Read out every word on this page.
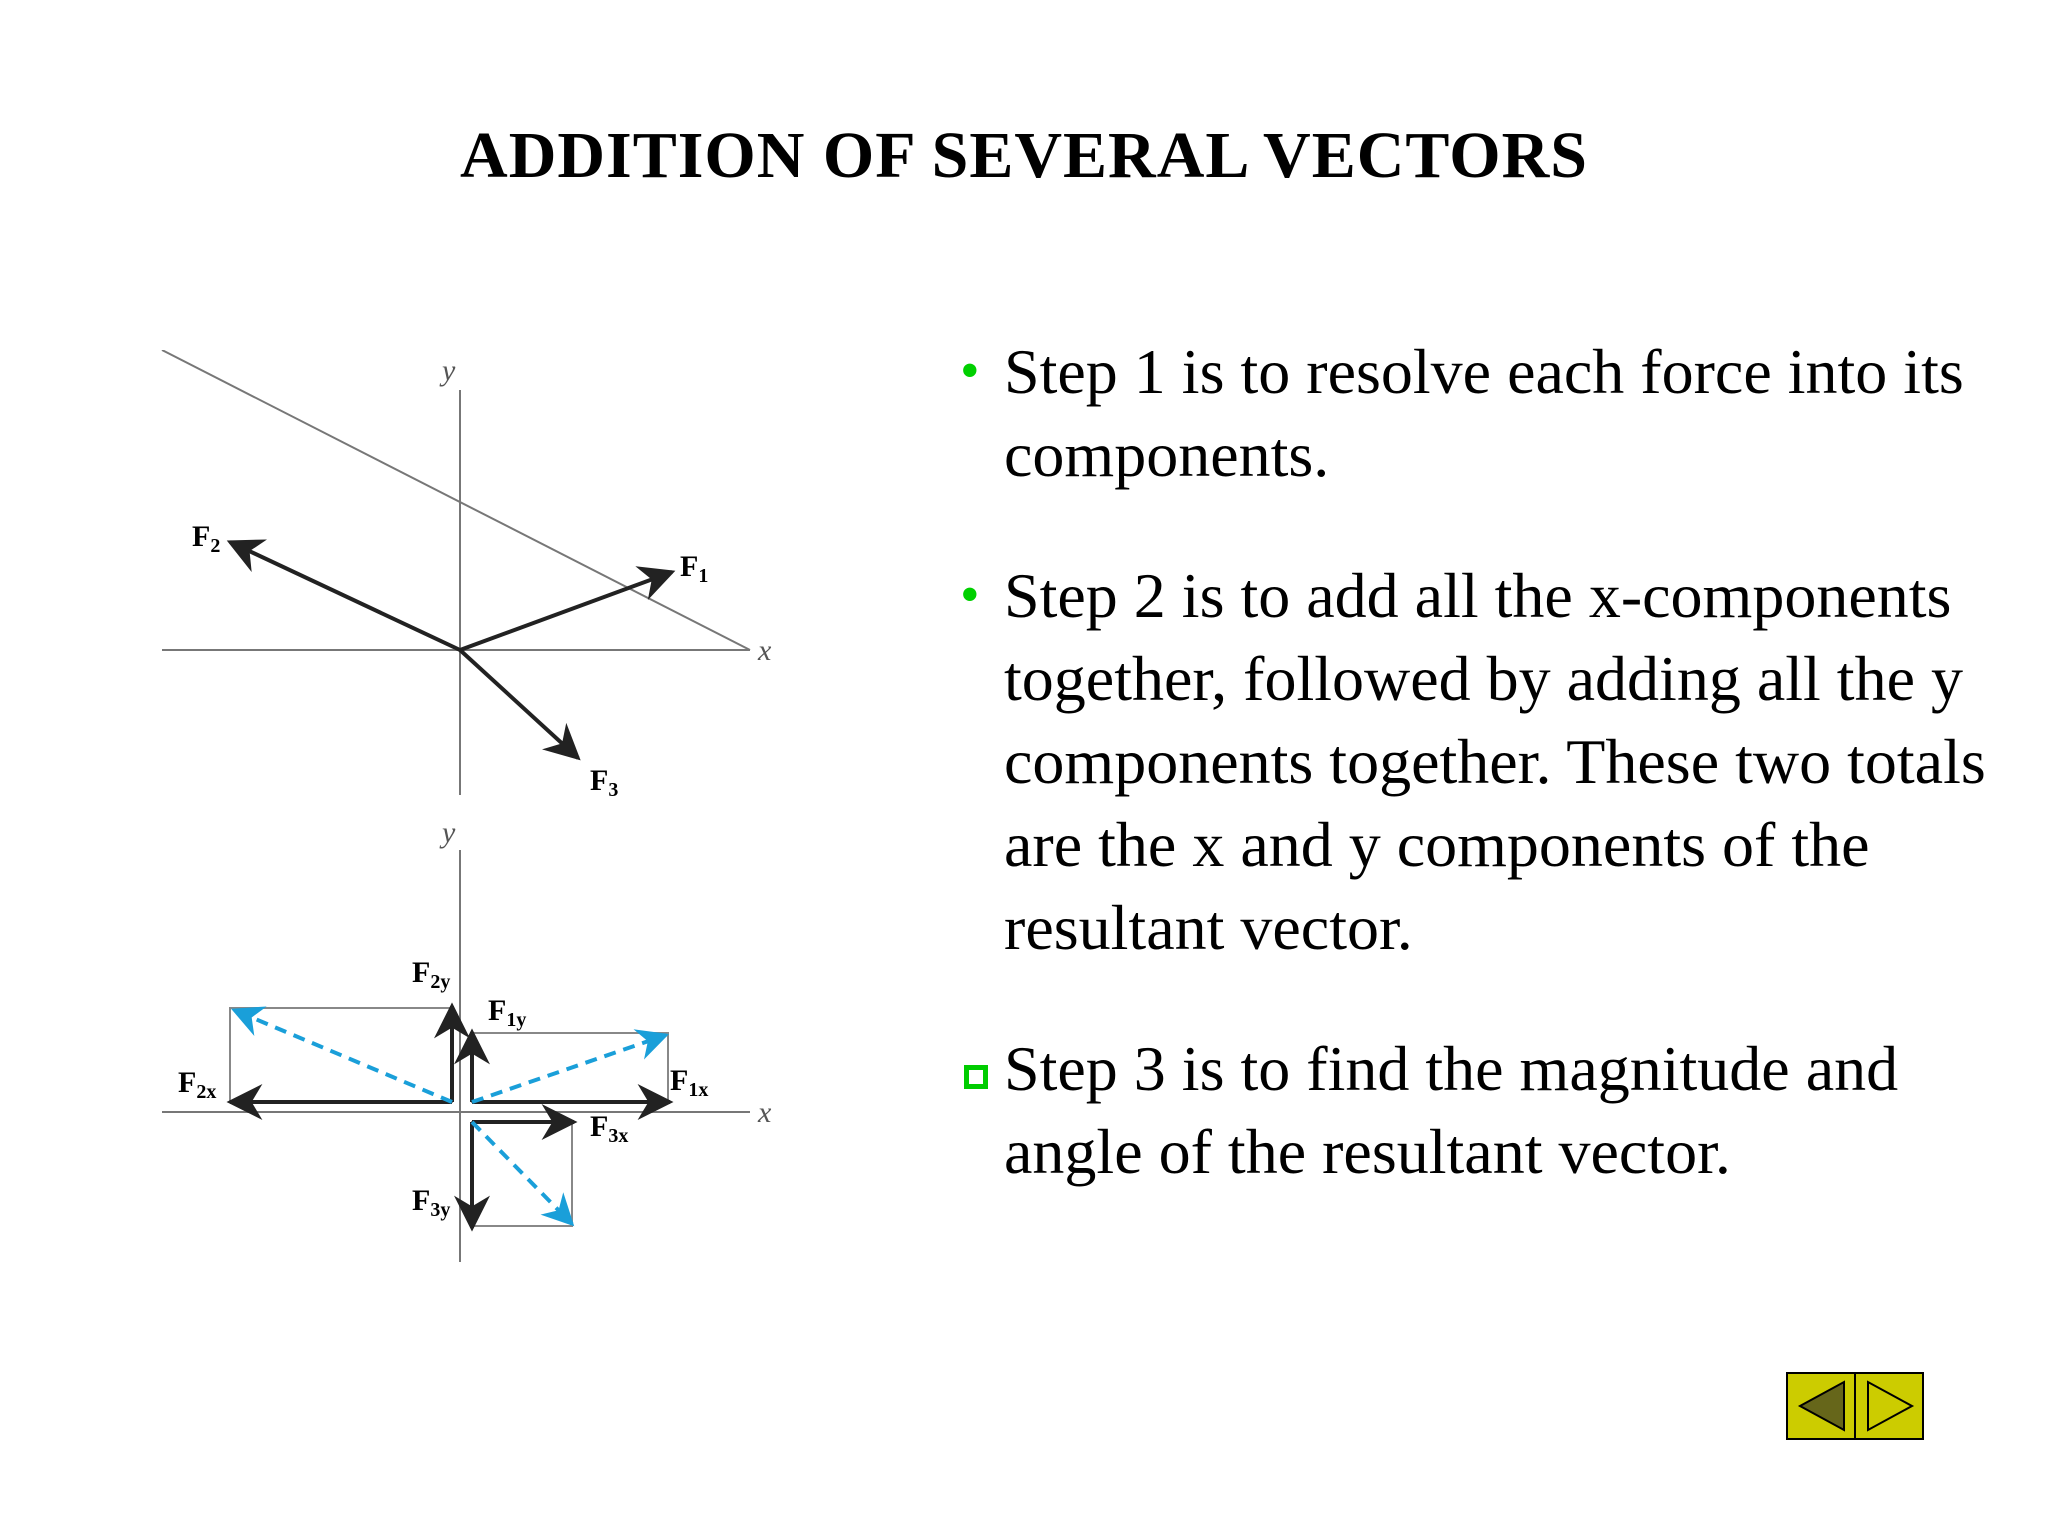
ADDITION OF SEVERAL VECTORS
y
x
$F_1$
$F_2$
$F_3$
y
x
$F_{1x}$
$F_{1y}$
$F_{2x}$
$F_{2y}$
$F_{3x}$
$F_{3y}$
• Step 1 is to resolve each force into its components.
• Step 2 is to add all the x-components together, followed by adding all the y components together. These two totals are the x and y components of the resultant vector.
Step 3 is to find the magnitude and angle of the resultant vector.
